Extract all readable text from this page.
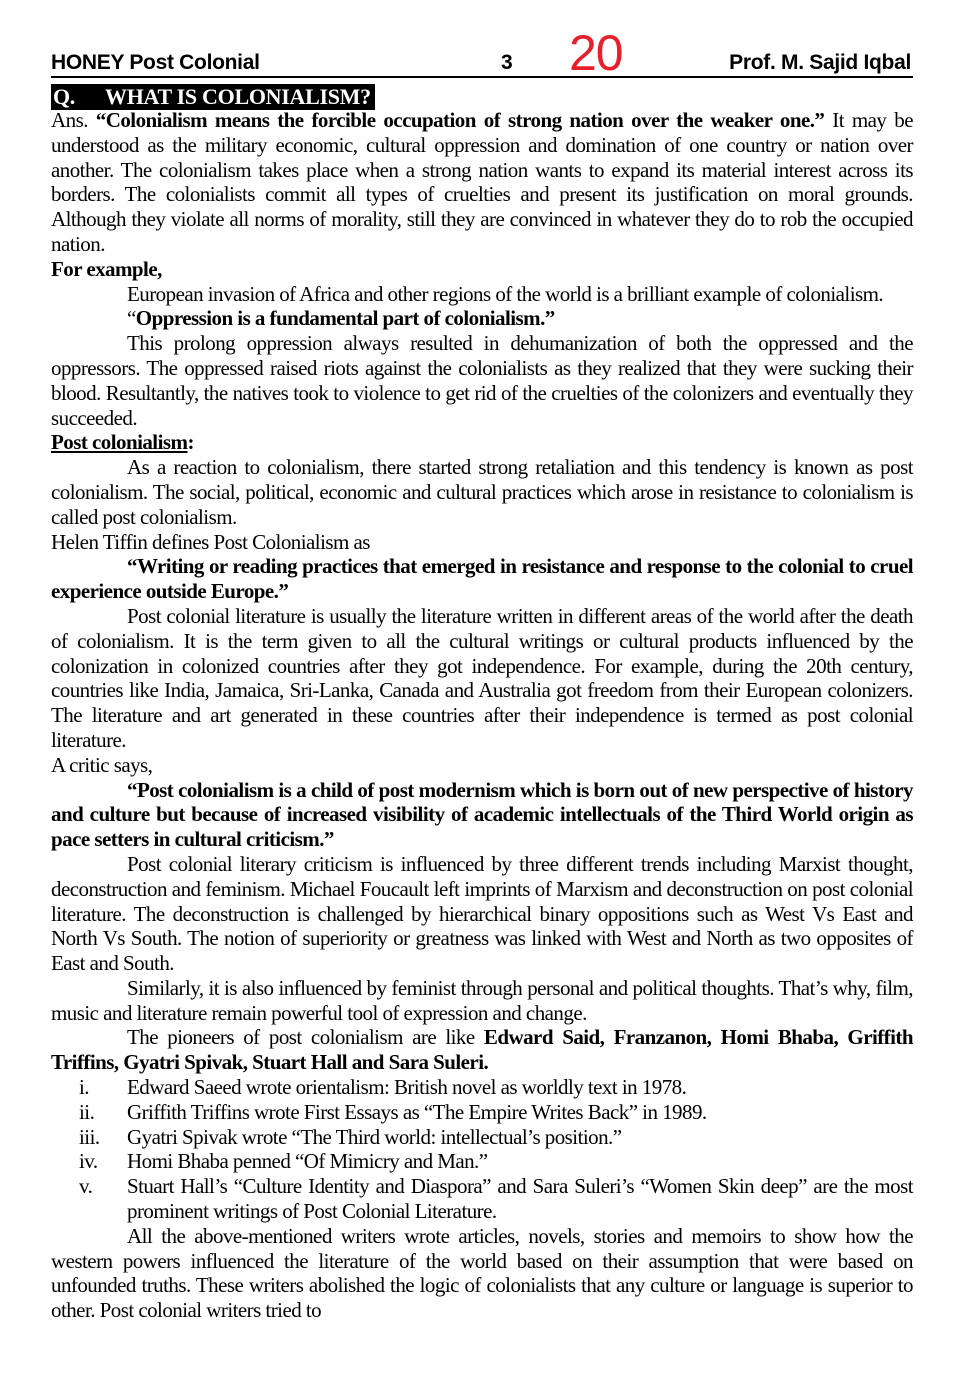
HONEY Post Colonial	3 20	Prof. M. Sajid Iqbal
Q. WHAT IS COLONIALISM?

Ans. “Colonialism means the forcible occupation of strong nation over the weaker one.” It may be understood as the military economic, cultural oppression and domination of one country or nation over another. The colonialism takes place when a strong nation wants to expand its material interest across its borders. The colonialists commit all types of cruelties and present its justification on moral grounds. Although they violate all norms of morality, still they are convinced in whatever they do to rob the occupied nation.

For example,

European invasion of Africa and other regions of the world is a brilliant example of colonialism.

“Oppression is a fundamental part of colonialism.”

This prolong oppression always resulted in dehumanization of both the oppressed and the oppressors. The oppressed raised riots against the colonialists as they realized that they were sucking their blood. Resultantly, the natives took to violence to get rid of the cruelties of the colonizers and eventually they succeeded.

Post colonialism:

As a reaction to colonialism, there started strong retaliation and this tendency is known as post colonialism. The social, political, economic and cultural practices which arose in resistance to colonialism is called post colonialism.

Helen Tiffin defines Post Colonialism as

“Writing or reading practices that emerged in resistance and response to the colonial to cruel experience outside Europe.”

Post colonial literature is usually the literature written in different areas of the world after the death of colonialism. It is the term given to all the cultural writings or cultural products influenced by the colonization in colonized countries after they got independence. For example, during the 20th century, countries like India, Jamaica, Sri-Lanka, Canada and Australia got freedom from their European colonizers. The literature and art generated in these countries after their independence is termed as post colonial literature.

A critic says,

“Post colonialism is a child of post modernism which is born out of new perspective of history and culture but because of increased visibility of academic intellectuals of the Third World origin as pace setters in cultural criticism.”

Post colonial literary criticism is influenced by three different trends including Marxist thought, deconstruction and feminism. Michael Foucault left imprints of Marxism and deconstruction on post colonial literature. The deconstruction is challenged by hierarchical binary oppositions such as West Vs East and North Vs South. The notion of superiority or greatness was linked with West and North as two opposites of East and South.

Similarly, it is also influenced by feminist through personal and political thoughts. That’s why, film, music and literature remain powerful tool of expression and change.

The pioneers of post colonialism are like Edward Said, Franzanon, Homi Bhaba, Griffith Triffins, Gyatri Spivak, Stuart Hall and Sara Suleri.

i. Edward Saeed wrote orientalism: British novel as worldly text in 1978.
ii. Griffith Triffins wrote First Essays as “The Empire Writes Back” in 1989.
iii. Gyatri Spivak wrote “The Third world: intellectual’s position.”
iv. Homi Bhaba penned “Of Mimicry and Man.”
v. Stuart Hall’s “Culture Identity and Diaspora” and Sara Suleri’s “Women Skin deep” are the most prominent writings of Post Colonial Literature.

All the above-mentioned writers wrote articles, novels, stories and memoirs to show how the western powers influenced the literature of the world based on their assumption that were based on unfounded truths. These writers abolished the logic of colonialists that any culture or language is superior to other. Post colonial writers tried to
